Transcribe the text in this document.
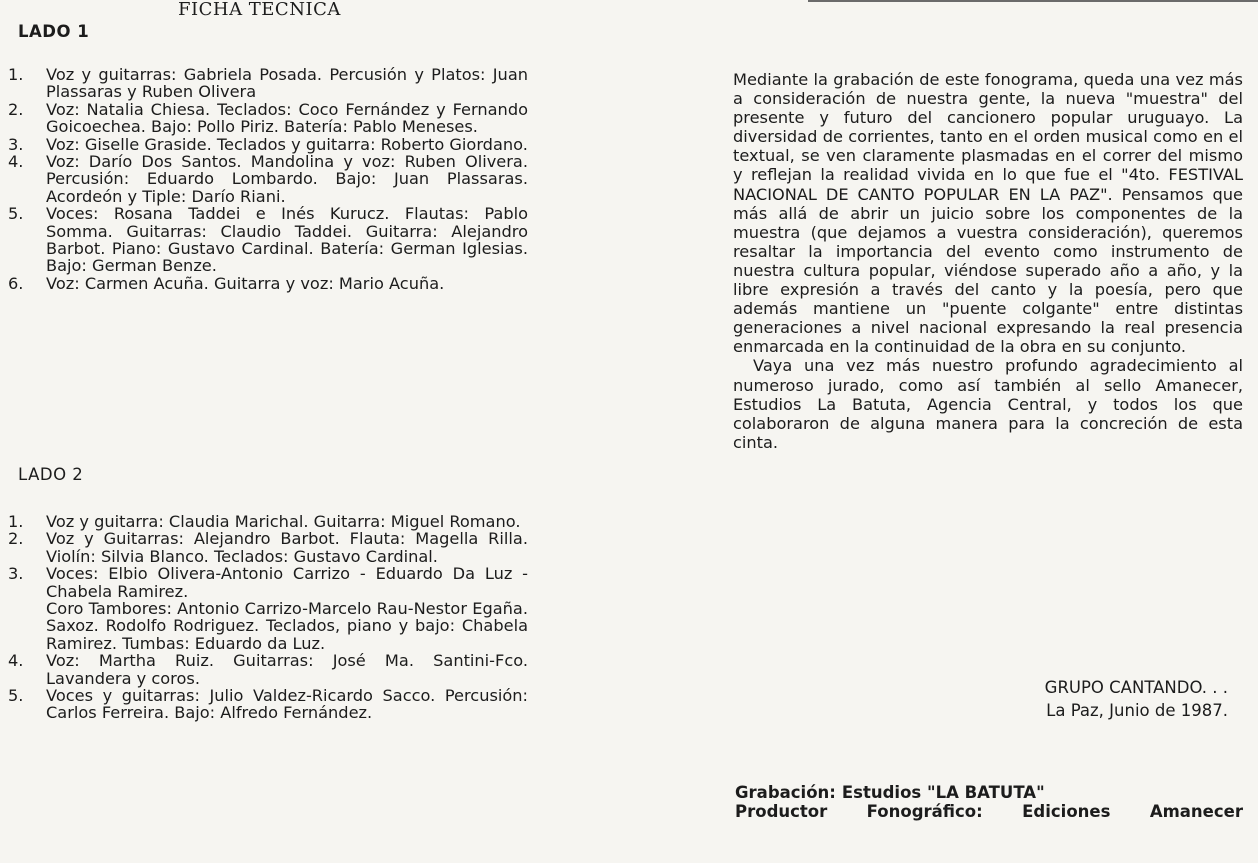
FICHA TECNICA
LADO 1
1.	Voz y guitarras: Gabriela Posada. Percusión y Platos: Juan Plassaras y Ruben Olivera
2.	Voz: Natalia Chiesa. Teclados: Coco Fernández y Fernando Goicoechea. Bajo: Pollo Piriz. Batería: Pablo Meneses.
3.	Voz: Giselle Graside. Teclados y guitarra: Roberto Giordano.
4.	Voz: Darío Dos Santos. Mandolina y voz: Ruben Olivera. Percusión: Eduardo Lombardo. Bajo: Juan Plassaras. Acordeón y Tiple: Darío Riani.
5.	Voces: Rosana Taddei e Inés Kurucz. Flautas: Pablo Somma. Guitarras: Claudio Taddei. Guitarra: Alejandro Barbot. Piano: Gustavo Cardinal. Batería: German Iglesias. Bajo: German Benze.
6.	Voz: Carmen Acuña. Guitarra y voz: Mario Acuña.
LADO 2
1.	Voz y guitarra: Claudia Marichal. Guitarra: Miguel Romano.
2.	Voz y Guitarras: Alejandro Barbot. Flauta: Magella Rilla. Violín: Silvia Blanco. Teclados: Gustavo Cardinal.
3.	Voces: Elbio Olivera-Antonio Carrizo - Eduardo Da Luz - Chabela Ramirez.
Coro Tambores: Antonio Carrizo-Marcelo Rau-Nestor Egaña. Saxoz. Rodolfo Rodriguez. Teclados, piano y bajo: Chabela Ramirez. Tumbas: Eduardo da Luz.
4.	Voz: Martha Ruiz. Guitarras: José Ma. Santini-Fco. Lavandera y coros.
5.	Voces y guitarras: Julio Valdez-Ricardo Sacco. Percusión: Carlos Ferreira. Bajo: Alfredo Fernández.

Mediante la grabación de este fonograma, queda una vez más a consideración de nuestra gente, la nueva "muestra" del presente y futuro del cancionero popular uruguayo. La diversidad de corrientes, tanto en el orden musical como en el textual, se ven claramente plasmadas en el correr del mismo y reflejan la realidad vivida en lo que fue el "4to. FESTIVAL NACIONAL DE CANTO POPULAR EN LA PAZ". Pensamos que más allá de abrir un juicio sobre los componentes de la muestra (que dejamos a vuestra consideración), queremos resaltar la importancia del evento como instrumento de nuestra cultura popular, viéndose superado año a año, y la libre expresión a través del canto y la poesía, pero que además mantiene un "puente colgante" entre distintas generaciones a nivel nacional expresando la real presencia enmarcada en la continuidad de la obra en su conjunto.

Vaya una vez más nuestro profundo agradecimiento al numeroso jurado, como así también al sello Amanecer, Estudios La Batuta, Agencia Central, y todos los que colaboraron de alguna manera para la concreción de esta cinta.

GRUPO CANTANDO. . .
La Paz, Junio de 1987.
Grabación: Estudios "LA BATUTA"
Productor Fonográfico: Ediciones Amanecer
